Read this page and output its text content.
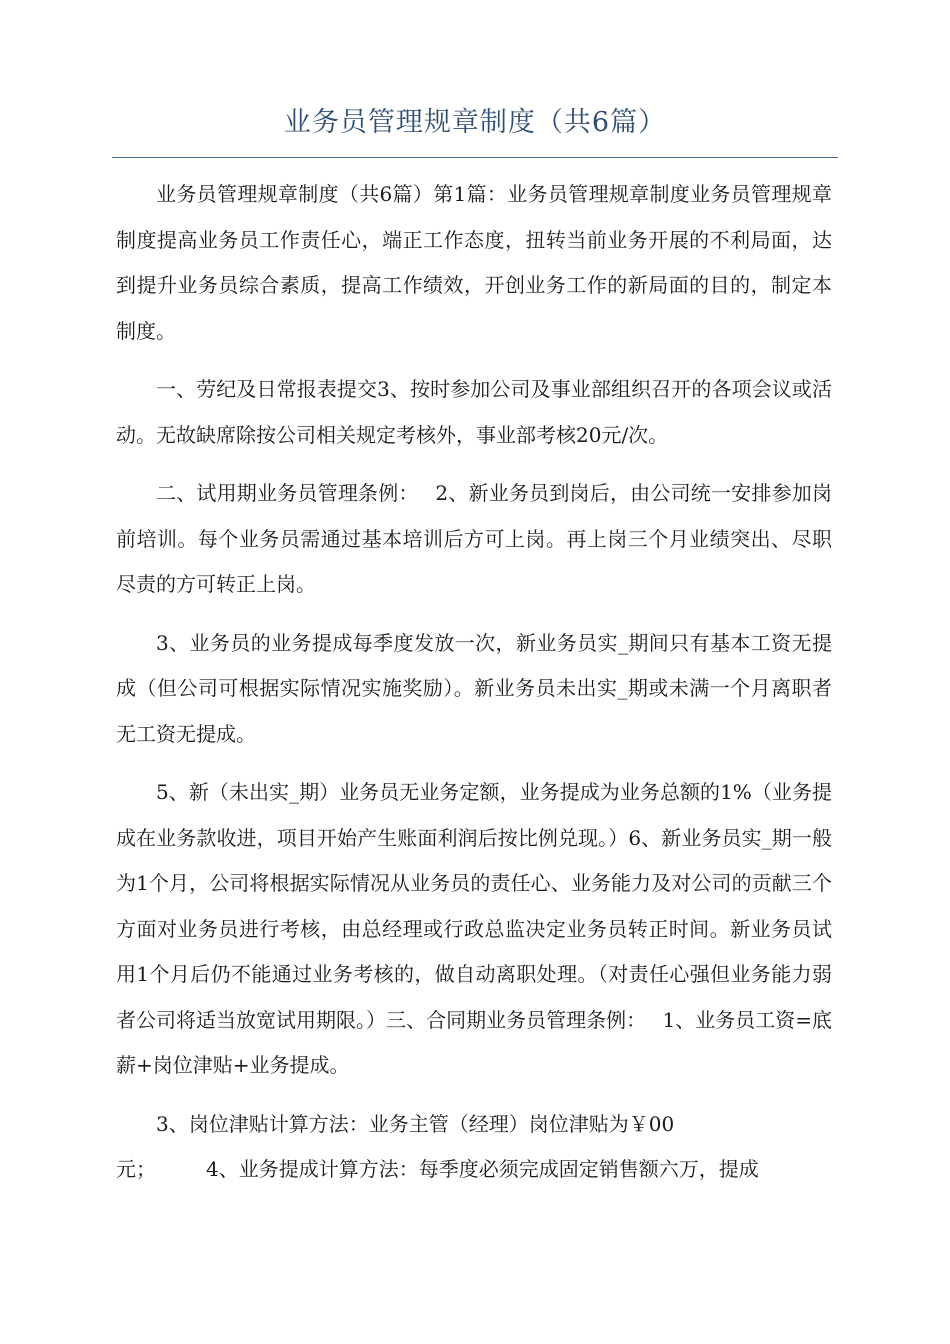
业务员管理规章制度（共6篇）

业务员管理规章制度（共6篇）第1篇：业务员管理规章制度业务员管理规章制度提高业务员工作责任心，端正工作态度，扭转当前业务开展的不利局面，达到提升业务员综合素质，提高工作绩效，开创业务工作的新局面的目的，制定本制度。

一、劳纪及日常报表提交3、按时参加公司及事业部组织召开的各项会议或活动。无故缺席除按公司相关规定考核外，事业部考核20元/次。

二、试用期业务员管理条例：　 2、新业务员到岗后，由公司统一安排参加岗前培训。每个业务员需通过基本培训后方可上岗。再上岗三个月业绩突出、尽职尽责的方可转正上岗。

3、业务员的业务提成每季度发放一次，新业务员实_期间只有基本工资无提成（但公司可根据实际情况实施奖励）。新业务员未出实_期或未满一个月离职者无工资无提成。

5、新（未出实_期）业务员无业务定额，业务提成为业务总额的1%（业务提成在业务款收进，项目开始产生账面利润后按比例兑现。）6、新业务员实_期一般为1个月，公司将根据实际情况从业务员的责任心、业务能力及对公司的贡献三个方面对业务员进行考核，由总经理或行政总监决定业务员转正时间。新业务员试用1个月后仍不能通过业务考核的，做自动离职处理。（对责任心强但业务能力弱者公司将适当放宽试用期限。）三、合同期业务员管理条例：　 1、业务员工资=底薪+岗位津贴+业务提成。

3、岗位津贴计算方法：业务主管（经理）岗位津贴为￥00

元；　　　4、业务提成计算方法：每季度必须完成固定销售额六万，提成
